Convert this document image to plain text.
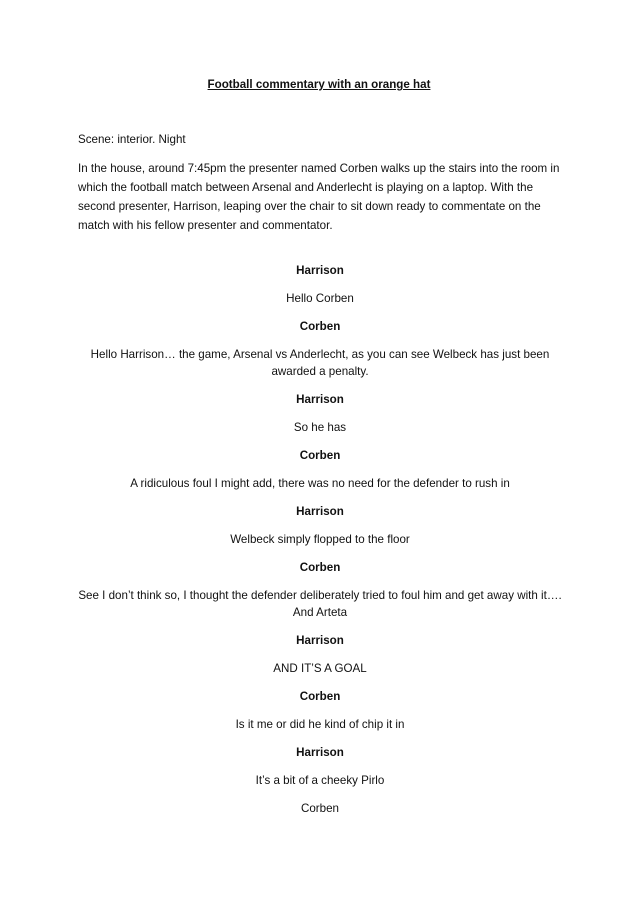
Football commentary with an orange hat
Scene: interior. Night
In the house, around 7:45pm the presenter named Corben walks up the stairs into the room in which the football match between Arsenal and Anderlecht is playing on a laptop. With the second presenter, Harrison, leaping over the chair to sit down ready to commentate on the match with his fellow presenter and commentator.
Harrison
Hello Corben
Corben
Hello Harrison… the game, Arsenal vs Anderlecht, as you can see Welbeck has just been awarded a penalty.
Harrison
So he has
Corben
A ridiculous foul I might add, there was no need for the defender to rush in
Harrison
Welbeck simply flopped to the floor
Corben
See I don’t think so, I thought the defender deliberately tried to foul him and get away with it…. And Arteta
Harrison
AND IT’S A GOAL
Corben
Is it me or did he kind of chip it in
Harrison
It’s a bit of a cheeky Pirlo
Corben
